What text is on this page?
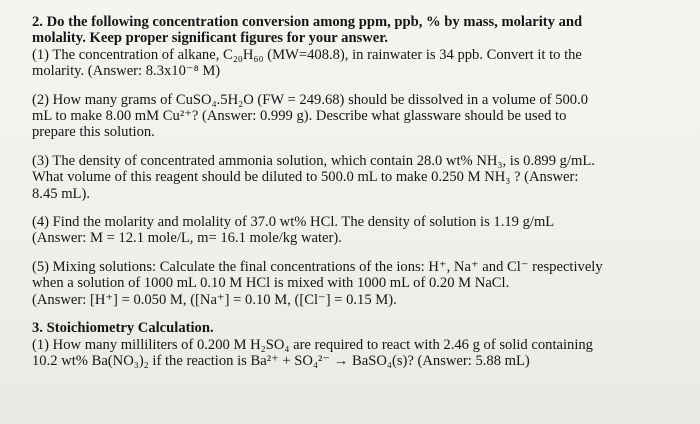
2. Do the following concentration conversion among ppm, ppb, % by mass, molarity and
molality. Keep proper significant figures for your answer.
(1) The concentration of alkane, C₂₀H₆₀ (MW=408.8), in rainwater is 34 ppb. Convert it to the
molarity. (Answer: 8.3x10⁻⁸ M)
(2) How many grams of CuSO₄.5H₂O (FW = 249.68) should be dissolved in a volume of 500.0
mL to make 8.00 mM Cu²⁺? (Answer: 0.999 g). Describe what glassware should be used to
prepare this solution.
(3) The density of concentrated ammonia solution, which contain 28.0 wt% NH₃, is 0.899 g/mL.
What volume of this reagent should be diluted to 500.0 mL to make 0.250 M NH₃ ? (Answer:
8.45 mL).
(4) Find the molarity and molality of 37.0 wt% HCl. The density of solution is 1.19 g/mL
(Answer: M = 12.1 mole/L, m= 16.1 mole/kg water).
(5) Mixing solutions: Calculate the final concentrations of the ions: H⁺, Na⁺ and Cl⁻ respectively
when a solution of 1000 mL 0.10 M HCl is mixed with 1000 mL of 0.20 M NaCl.
(Answer: [H⁺] = 0.050 M, ([Na⁺] = 0.10 M, ([Cl⁻] = 0.15 M).
3. Stoichiometry Calculation.
(1) How many milliliters of 0.200 M H₂SO₄ are required to react with 2.46 g of solid containing
10.2 wt% Ba(NO₃)₂ if the reaction is Ba²⁺ + SO₄²⁻ → BaSO₄(s)? (Answer: 5.88 mL)
